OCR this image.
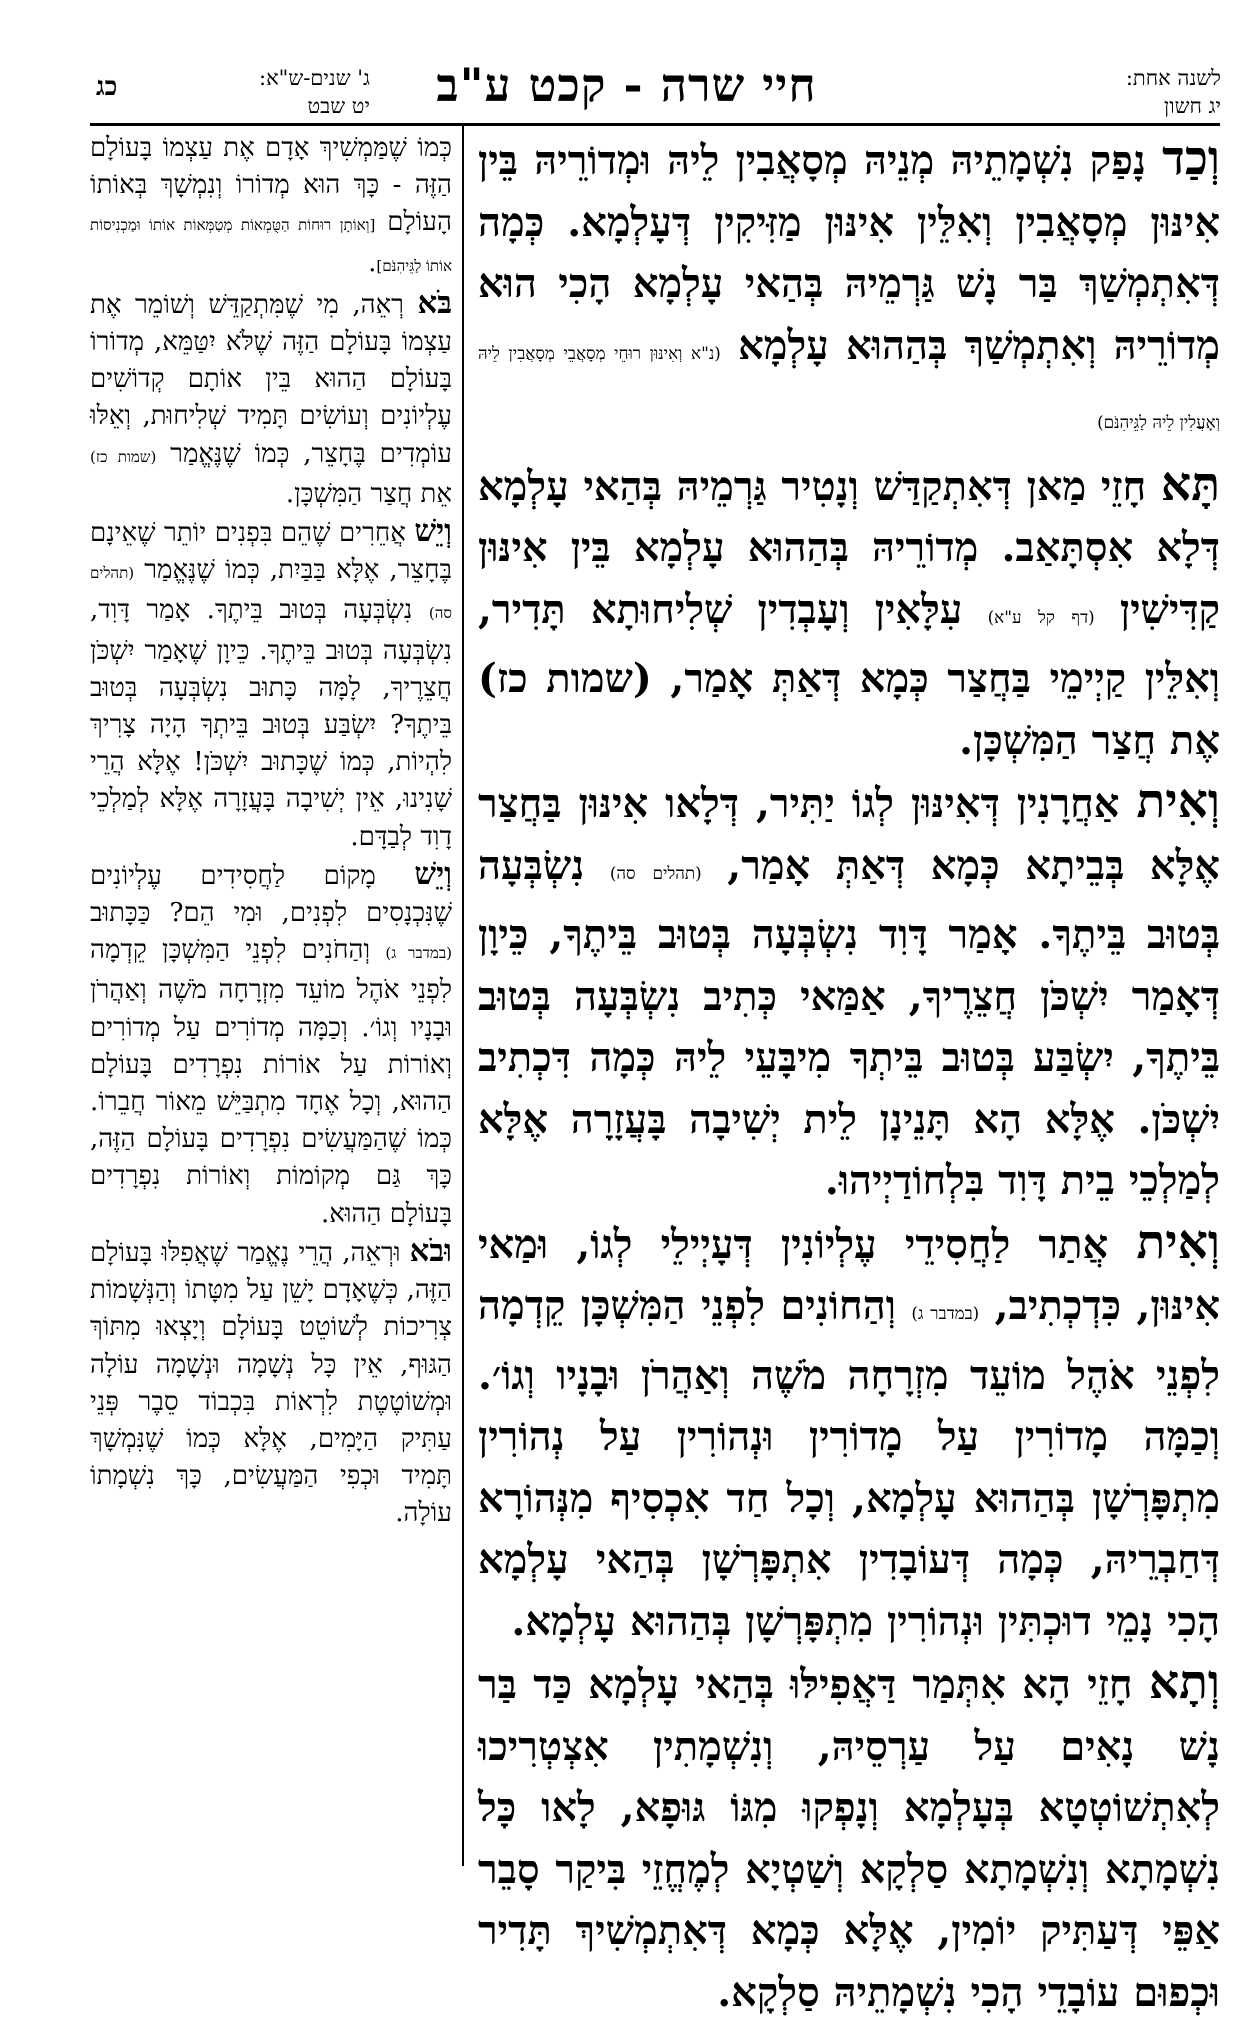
חיי שרה - קכט ע"ב	לשנה אחת:
יג חשון
ג' שנים-ש"א:
יט שבט
כג

וְכַד נָפַק נִשְׁמָתֵיהּ מְנֵיהּ מְסָאֲבִין לֵיהּ וּמְדוֹרֵיהּ בֵּין אִינּוּן מְסָאֲבִין וְאִלֵּין אִינּוּן מַזִּיקִין דְּעָלְמָא. כְּמָה דְּאִתְמְשַׁךְ בַּר נָשׁ גַּרְמֵיהּ בְּהַאי עָלְמָא הָכִי הוּא מְדוֹרֵיהּ וְאִתְמְשַׁךְ בְּהַהוּא עָלְמָא (נ"א וְאִינּוּן רוּחֵי מְסָאֲבֵי מְסָאֲבִין לֵיהּ וְאָעֲלִין לֵיהּ לַגֵּיהִנֹּם)

תָּא חָזֵי מַאן דְּאִתְקַדַּשׁ וְנָטִיר גַּרְמֵיהּ בְּהַאי עָלְמָא דְּלָא אִסְתָּאַב. מְדוֹרֵיהּ בְּהַהוּא עָלְמָא בֵּין אִינּוּן קַדִּישִׁין (דף קל ע"א) עִלָּאִין וְעָבְדִין שְׁלִיחוּתָא תָּדִיר, וְאִלֵּין קַיְימֵי בַּחֲצַר כְּמָא דְּאַתְּ אָמַר, (שמות כז) אֶת חֲצַר הַמִּשְׁכָּן.

וְאִית אַחֲרָנִין דְּאִינּוּן לְגוֹ יַתִּיר, דְּלָאו אִינּוּן בַּחֲצַר אֶלָּא בְּבֵיתָא כְּמָא דְּאַתְּ אָמַר, (תהלים סה) נִשְׂבְּעָה בְּטוּב בֵּיתֶךָ. אָמַר דָּוִד נִשְׂבְּעָה בְּטוּב בֵּיתֶךָ, כֵּיוָן דְּאָמַר יִשְׁכֹּן חֲצֵרֶיךָ, אַמַּאי כְּתִיב נִשְׂבְּעָה בְּטוּב בֵּיתֶךָ, יִשְׂבַּע בְּטוּב בֵּיתְךָ מִיבָּעֵי לֵיהּ כְּמָה דִּכְתִיב יִשְׁכֹּן. אֶלָּא הָא תָּנֵינָן לֵית יְשִׁיבָה בָּעֲזָרָה אֶלָּא לְמַלְכֵי בֵית דָּוִד בִּלְחוֹדַיְיהוּ.

וְאִית אֲתַר לַחֲסִידֵי עֶלְיוֹנִין דְּעָיְילֵי לְגוֹ, וּמַאי אִינּוּן, כִּדְכְתִיב, (במדבר ג) וְהַחוֹנִים לִפְנֵי הַמִּשְׁכָּן קֵדְמָה לִפְנֵי אֹהֶל מוֹעֵד מִזְרָחָה מֹשֶׁה וְאַהֲרֹן וּבָנָיו וְגוֹ׳. וְכַמָּה מָדוֹרִין עַל מָדוֹרִין וּנְהוֹרִין עַל נְהוֹרִין מִתְפָּרְשָׁן בְּהַהוּא עָלְמָא, וְכָל חַד אִכְסִיף מִנְּהוֹרָא דְּחַבְרֵיהּ, כְּמָה דְּעוֹבָדִין אִתְפָּרְשָׁן בְּהַאי עָלְמָא הָכִי נָמֵי דוּכְתִּין וּנְהוֹרִין מִתְפָּרְשָׁן בְּהַהוּא עָלְמָא.

וְתָא חָזֵי הָא אִתְּמַר דַּאֲפִילּוּ בְּהַאי עָלְמָא כַּד בַּר נָשׁ נָאִים עַל עַרְסֵיהּ, וְנִשְׁמָתִין אִצְטְרִיכוּ לְאִתְשׁוֹטְטָא בְּעָלְמָא וְנָפְקוּ מִגּוֹ גּוּפָא, לָאו כָּל נִשְׁמָתָא וְנִשְׁמָתָא סַלְקָא וְשַׁטְיָא לְמֶחֱזֵי בִּיקַר סָבֵר אַפֵּי דְּעַתִּיק יוֹמִין, אֶלָּא כְּמָא דְּאִתְמְשִׁיךְ תָּדִיר וּכְפוּם עוֹבָדֵי הָכִי נִשְׁמָתֵיהּ סַלְקָא.

כְּמוֹ שֶׁמַּמְשִׁיךְ אָדָם אֶת עַצְמוֹ בָּעוֹלָם הַזֶּה - כָּךְ הוּא מְדוֹרוֹ וְנִמְשָׁךְ בְּאוֹתוֹ הָעוֹלָם [וְאוֹתָן רוּחוֹת הַטֻּמְאוֹת מְטַמְּאוֹת אוֹתוֹ וּמַכְנִיסוֹת אוֹתוֹ לַגֵּיהִנֹּם].

בֹּא רְאֵה, מִי שֶׁמִּתְקַדֵּשׁ וְשׁוֹמֵר אֶת עַצְמוֹ בָּעוֹלָם הַזֶּה שֶׁלֹּא יִטַּמֵּא, מְדוֹרוֹ בָּעוֹלָם הַהוּא בֵּין אוֹתָם קְדוֹשִׁים עֶלְיוֹנִים וְעוֹשִׂים תָּמִיד שְׁלִיחוּת, וְאֵלּוּ עוֹמְדִים בֶּחָצֵר, כְּמוֹ שֶׁנֶּאֱמַר (שמות כז) אֵת חֲצַר הַמִּשְׁכָּן.

וְיֵשׁ אֲחֵרִים שֶׁהֵם בִּפְנִים יוֹתֵר שֶׁאֵינָם בֶּחָצֵר, אֶלָּא בַּבַּיִת, כְּמוֹ שֶׁנֶּאֱמַר (תהלים סה) נִשְׂבְּעָה בְּטוּב בֵּיתֶךָ. אָמַר דָּוִד, נִשְׂבְּעָה בְּטוּב בֵּיתֶךָ. כֵּיוָן שֶׁאָמַר יִשְׁכֹּן חֲצֵרֶיךָ, לָמָּה כָּתוּב נִשְׂבְּעָה בְּטוּב בֵּיתֶךָ? יִשְׂבַּע בְּטוּב בֵּיתְךָ הָיָה צָרִיךְ לִהְיוֹת, כְּמוֹ שֶׁכָּתוּב יִשְׁכֹּן! אֶלָּא הֲרֵי שָׁנִינוּ, אֵין יְשִׁיבָה בָּעֲזָרָה אֶלָּא לְמַלְכֵי דָוִד לְבַדָּם.

וְיֵשׁ מָקוֹם לַחֲסִידִים עֶלְיוֹנִים שֶׁנִּכְנָסִים לִפְנִים, וּמִי הֵם? כַּכָּתוּב (במדבר ג) וְהַחֹנִים לִפְנֵי הַמִּשְׁכָּן קֵדְמָה לִפְנֵי אֹהֶל מוֹעֵד מִזְרָחָה מֹשֶׁה וְאַהֲרֹן וּבָנָיו וְגוֹ׳. וְכַמָּה מְדוֹרִים עַל מְדוֹרִים וְאוֹרוֹת עַל אוֹרוֹת נִפְרָדִים בָּעוֹלָם הַהוּא, וְכָל אֶחָד מִתְבַּיֵּשׁ מֵאוֹר חֲבֵרוֹ. כְּמוֹ שֶׁהַמַּעֲשִׂים נִפְרָדִים בָּעוֹלָם הַזֶּה, כָּךְ גַּם מְקוֹמוֹת וְאוֹרוֹת נִפְרָדִים בָּעוֹלָם הַהוּא.

וּבֹא וּרְאֵה, הֲרֵי נֶאֱמַר שֶׁאֲפִלּוּ בָּעוֹלָם הַזֶּה, כְּשֶׁאָדָם יָשֵׁן עַל מִטָּתוֹ וְהַנְּשָׁמוֹת צְרִיכוֹת לְשׁוֹטֵט בָּעוֹלָם וְיָצְאוּ מִתּוֹךְ הַגּוּף, אֵין כָּל נְשָׁמָה וּנְשָׁמָה עוֹלָה וּמְשׁוֹטֶטֶת לִרְאוֹת בִּכְבוֹד סֵבֶר פְּנֵי עַתִּיק הַיָּמִים, אֶלָּא כְּמוֹ שֶׁנִּמְשָׁךְ תָּמִיד וּכְפִי הַמַּעֲשִׂים, כָּךְ נִשְׁמָתוֹ עוֹלָה.
